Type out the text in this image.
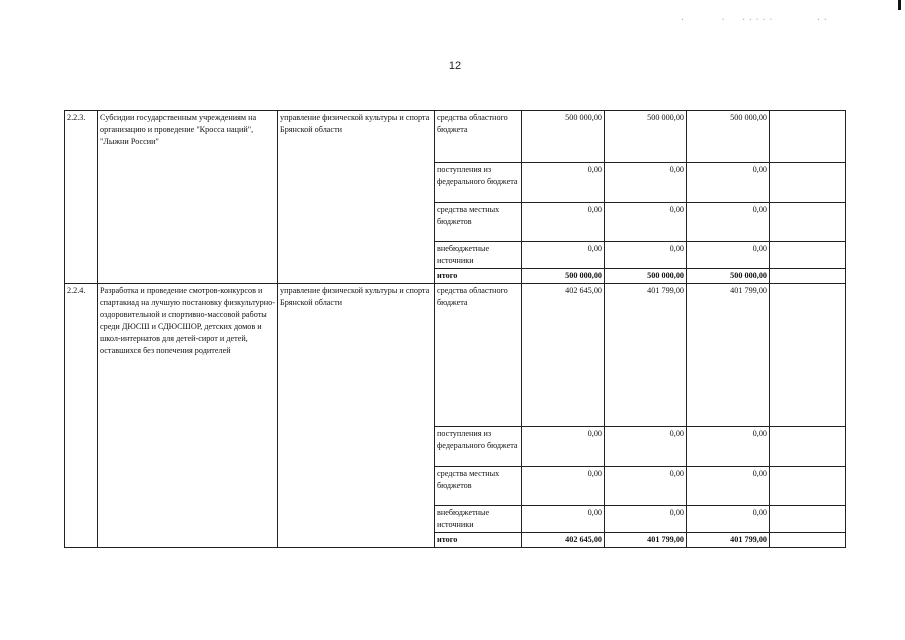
.     .  .....      ..
12
2.2.3.	Субсидии государственным учреждениям на организацию и проведение "Кросса наций", "Лыжни России"	управление физической культуры и спорта Брянской области	средства областного бюджета	500 000,00	500 000,00	500 000,00	
			поступления из федерального бюджета	0,00	0,00	0,00	
			средства местных бюджетов	0,00	0,00	0,00	
			внебюджетные источники	0,00	0,00	0,00	
			итого	500 000,00	500 000,00	500 000,00	
2.2.4.	Разработка и проведение смотров-конкурсов и спартакиад на лучшую постановку физкультурно-оздоровительной и спортивно-массовой работы среди ДЮСШ и СДЮСШОР, детских домов и школ-интернатов для детей-сирот и детей, оставшихся без попечения родителей	управление физической культуры и спорта Брянской области	средства областного бюджета	402 645,00	401 799,00	401 799,00	
			поступления из федерального бюджета	0,00	0,00	0,00	
			средства местных бюджетов	0,00	0,00	0,00	
			внебюджетные источники	0,00	0,00	0,00	
			итого	402 645,00	401 799,00	401 799,00	
